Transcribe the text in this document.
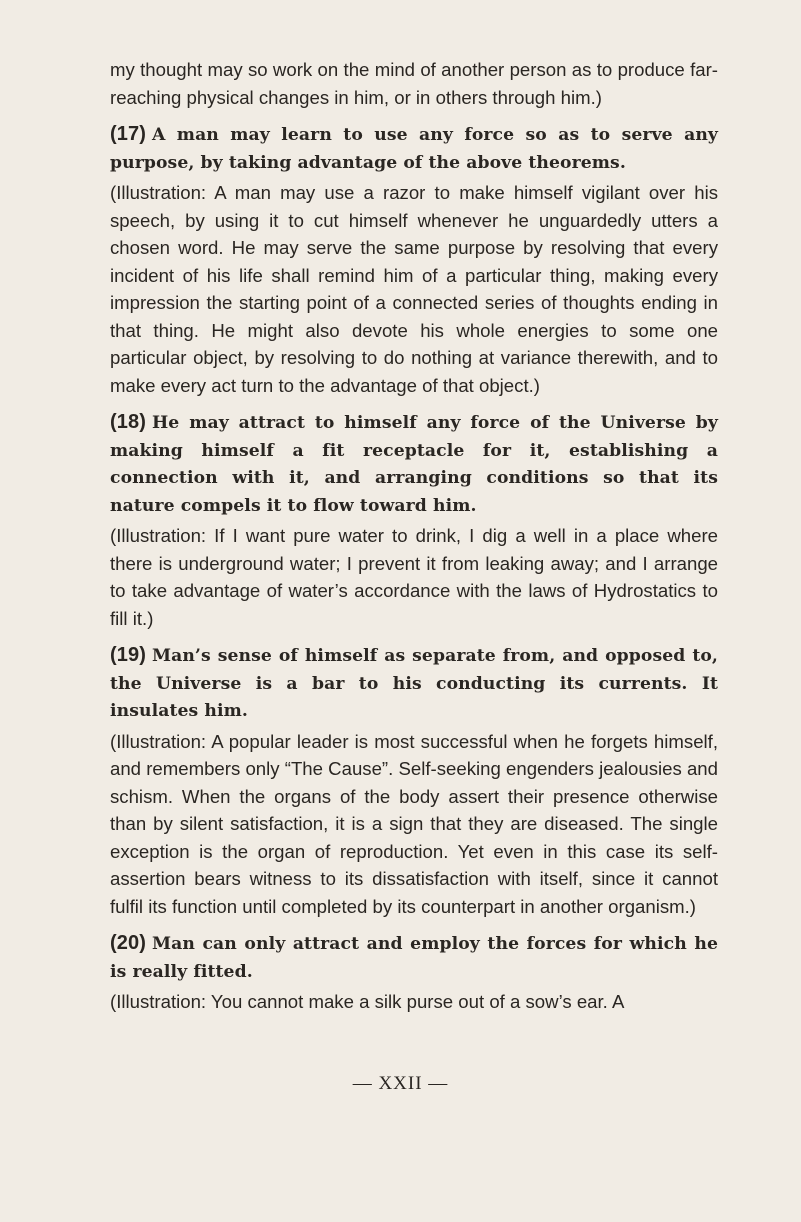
my thought may so work on the mind of another person as to produce far-reaching physical changes in him, or in others through him.)

(17) A man may learn to use any force so as to serve any purpose, by taking advantage of the above theorems.

(Illustration: A man may use a razor to make himself vigilant over his speech, by using it to cut himself whenever he unguardedly utters a chosen word. He may serve the same purpose by resolving that every incident of his life shall remind him of a particular thing, making every impression the starting point of a connected series of thoughts ending in that thing. He might also devote his whole energies to some one particular object, by resolving to do nothing at variance therewith, and to make every act turn to the advantage of that object.)

(18) He may attract to himself any force of the Universe by making himself a fit receptacle for it, establishing a connection with it, and arranging conditions so that its nature compels it to flow toward him.

(Illustration: If I want pure water to drink, I dig a well in a place where there is underground water; I prevent it from leaking away; and I arrange to take advantage of water’s accordance with the laws of Hydrostatics to fill it.)

(19) Man’s sense of himself as separate from, and opposed to, the Universe is a bar to his conducting its currents. It insulates him.

(Illustration: A popular leader is most successful when he forgets himself, and remembers only “The Cause”. Self-seeking engenders jealousies and schism. When the organs of the body assert their presence otherwise than by silent satisfaction, it is a sign that they are diseased. The single exception is the organ of reproduction. Yet even in this case its self-assertion bears witness to its dissatisfaction with itself, since it cannot fulfil its function until completed by its counterpart in another organism.)

(20) Man can only attract and employ the forces for which he is really fitted.

(Illustration: You cannot make a silk purse out of a sow’s ear. A

— XXII —
